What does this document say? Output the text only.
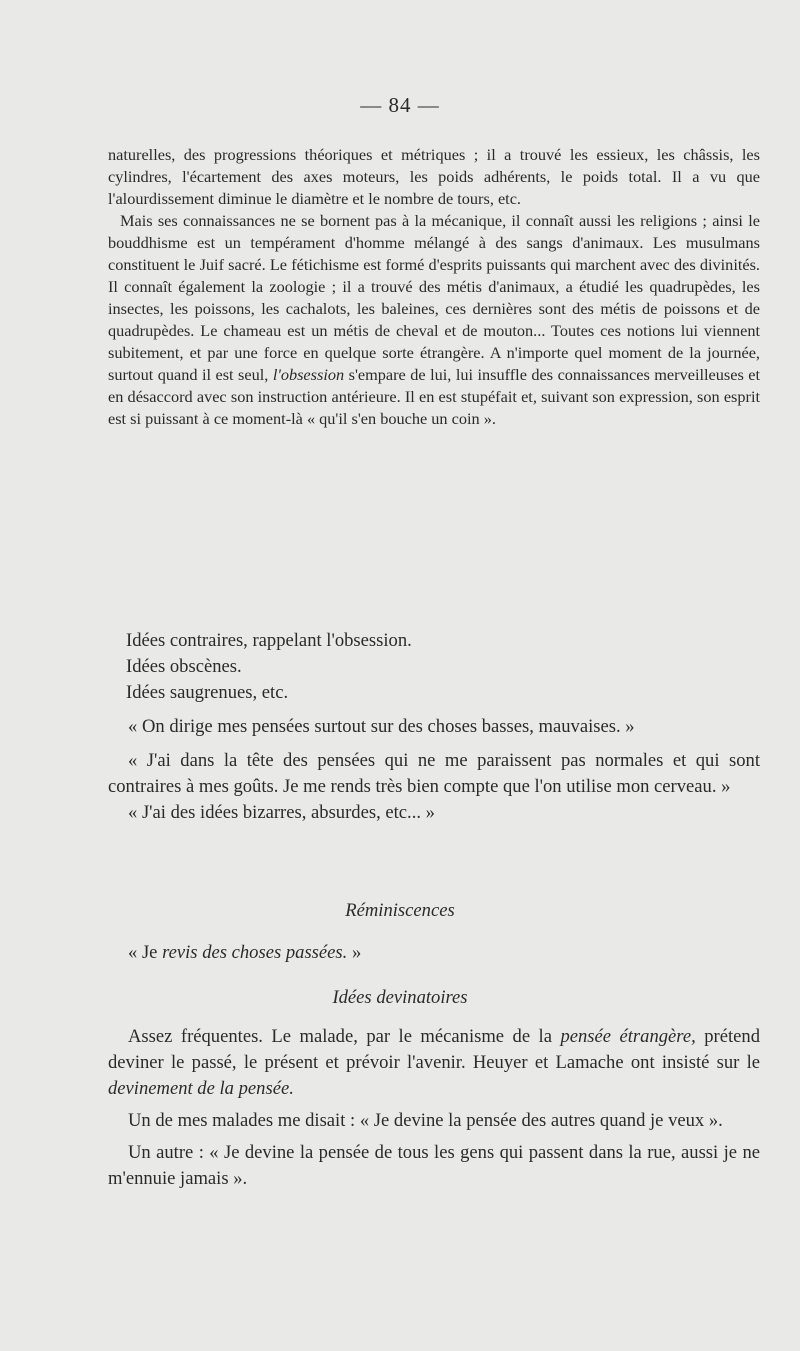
— 84 —

naturelles, des progressions théoriques et métriques ; il a trouvé les essieux, les châssis, les cylindres, l'écartement des axes moteurs, les poids adhérents, le poids total. Il a vu que l'alourdissement diminue le diamètre et le nombre de tours, etc.

Mais ses connaissances ne se bornent pas à la mécanique, il connaît aussi les religions ; ainsi le bouddhisme est un tempérament d'homme mélangé à des sangs d'animaux. Les musulmans constituent le Juif sacré. Le fétichisme est formé d'esprits puissants qui marchent avec des divinités. Il connaît également la zoologie ; il a trouvé des métis d'animaux, a étudié les quadrupèdes, les insectes, les poissons, les cachalots, les baleines, ces dernières sont des métis de poissons et de quadrupèdes. Le chameau est un métis de cheval et de mouton... Toutes ces notions lui viennent subitement, et par une force en quelque sorte étrangère. A n'importe quel moment de la journée, surtout quand il est seul, l'obsession s'empare de lui, lui insuffle des connaissances merveilleuses et en désaccord avec son instruction antérieure. Il en est stupéfait et, suivant son expression, son esprit est si puissant à ce moment-là « qu'il s'en bouche un coin ».

Idées contraires, rappelant l'obsession.

Idées obscènes.

Idées saugrenues, etc.

« On dirige mes pensées surtout sur des choses basses, mauvaises. »

« J'ai dans la tête des pensées qui ne me paraissent pas normales et qui sont contraires à mes goûts. Je me rends très bien compte que l'on utilise mon cerveau. »

« J'ai des idées bizarres, absurdes, etc... »

Réminiscences

« Je revis des choses passées. »

Idées devinatoires

Assez fréquentes. Le malade, par le mécanisme de la pensée étrangère, prétend deviner le passé, le présent et prévoir l'avenir. Heuyer et Lamache ont insisté sur le devinement de la pensée.

Un de mes malades me disait : « Je devine la pensée des autres quand je veux ».

Un autre : « Je devine la pensée de tous les gens qui passent dans la rue, aussi je ne m'ennuie jamais ».
